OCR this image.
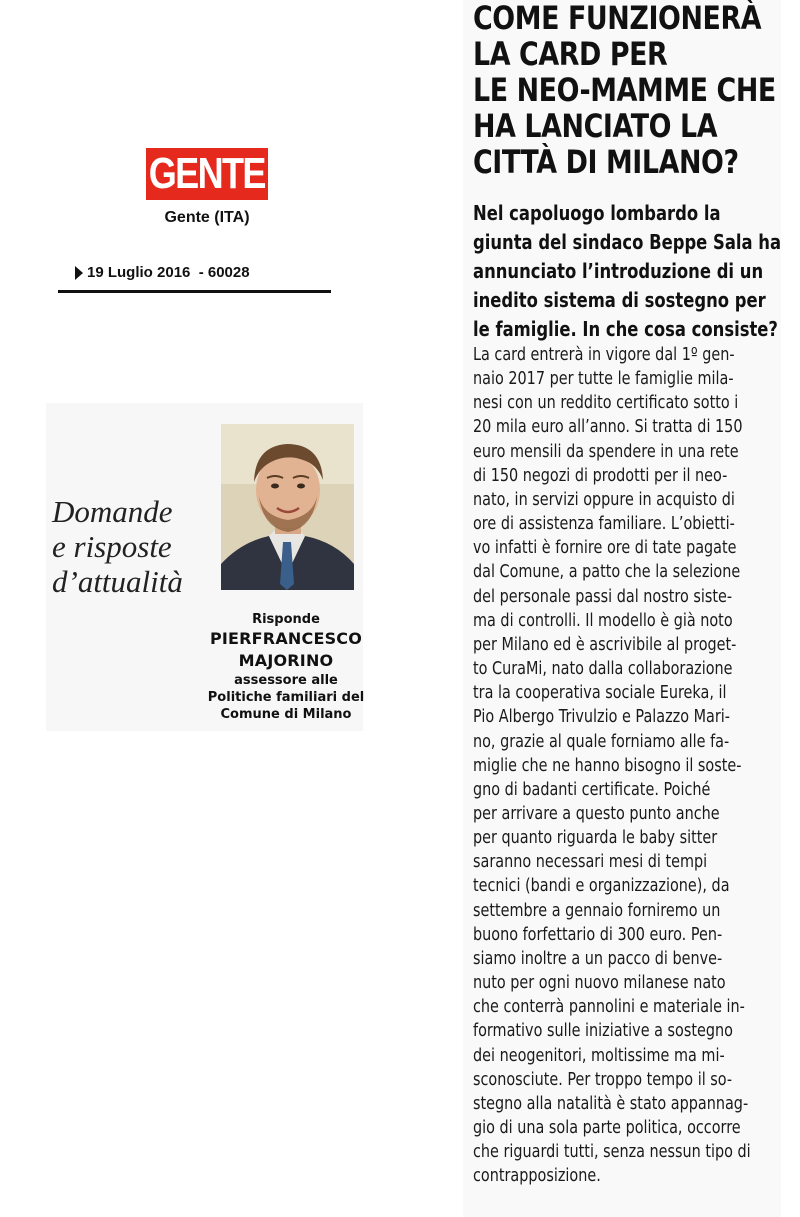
GENTE
Gente (ITA)
19 Luglio 2016  - 60028
Domande
e risposte
d’attualità
Risponde
PIERFRANCESCO
MAJORINO
assessore alle
Politiche familiari del
Comune di Milano
COME FUNZIONERÀ
LA CARD PER
LE NEO-MAMME CHE
HA LANCIATO LA
CITTÀ DI MILANO?
Nel capoluogo lombardo la
giunta del sindaco Beppe Sala ha
annunciato l’introduzione di un
inedito sistema di sostegno per
le famiglie. In che cosa consiste?
La card entrerà in vigore dal 1º gen-
naio 2017 per tutte le famiglie mila-
nesi con un reddito certificato sotto i
20 mila euro all’anno. Si tratta di 150
euro mensili da spendere in una rete
di 150 negozi di prodotti per il neo-
nato, in servizi oppure in acquisto di
ore di assistenza familiare. L’obietti-
vo infatti è fornire ore di tate pagate
dal Comune, a patto che la selezione
del personale passi dal nostro siste-
ma di controlli. Il modello è già noto
per Milano ed è ascrivibile al proget-
to CuraMi, nato dalla collaborazione
tra la cooperativa sociale Eureka, il
Pio Albergo Trivulzio e Palazzo Mari-
no, grazie al quale forniamo alle fa-
miglie che ne hanno bisogno il soste-
gno di badanti certificate. Poiché
per arrivare a questo punto anche
per quanto riguarda le baby sitter
saranno necessari mesi di tempi
tecnici (bandi e organizzazione), da
settembre a gennaio forniremo un
buono forfettario di 300 euro. Pen-
siamo inoltre a un pacco di benve-
nuto per ogni nuovo milanese nato
che conterrà pannolini e materiale in-
formativo sulle iniziative a sostegno
dei neogenitori, moltissime ma mi-
sconosciute. Per troppo tempo il so-
stegno alla natalità è stato appannag-
gio di una sola parte politica, occorre
che riguardi tutti, senza nessun tipo di
contrapposizione.
